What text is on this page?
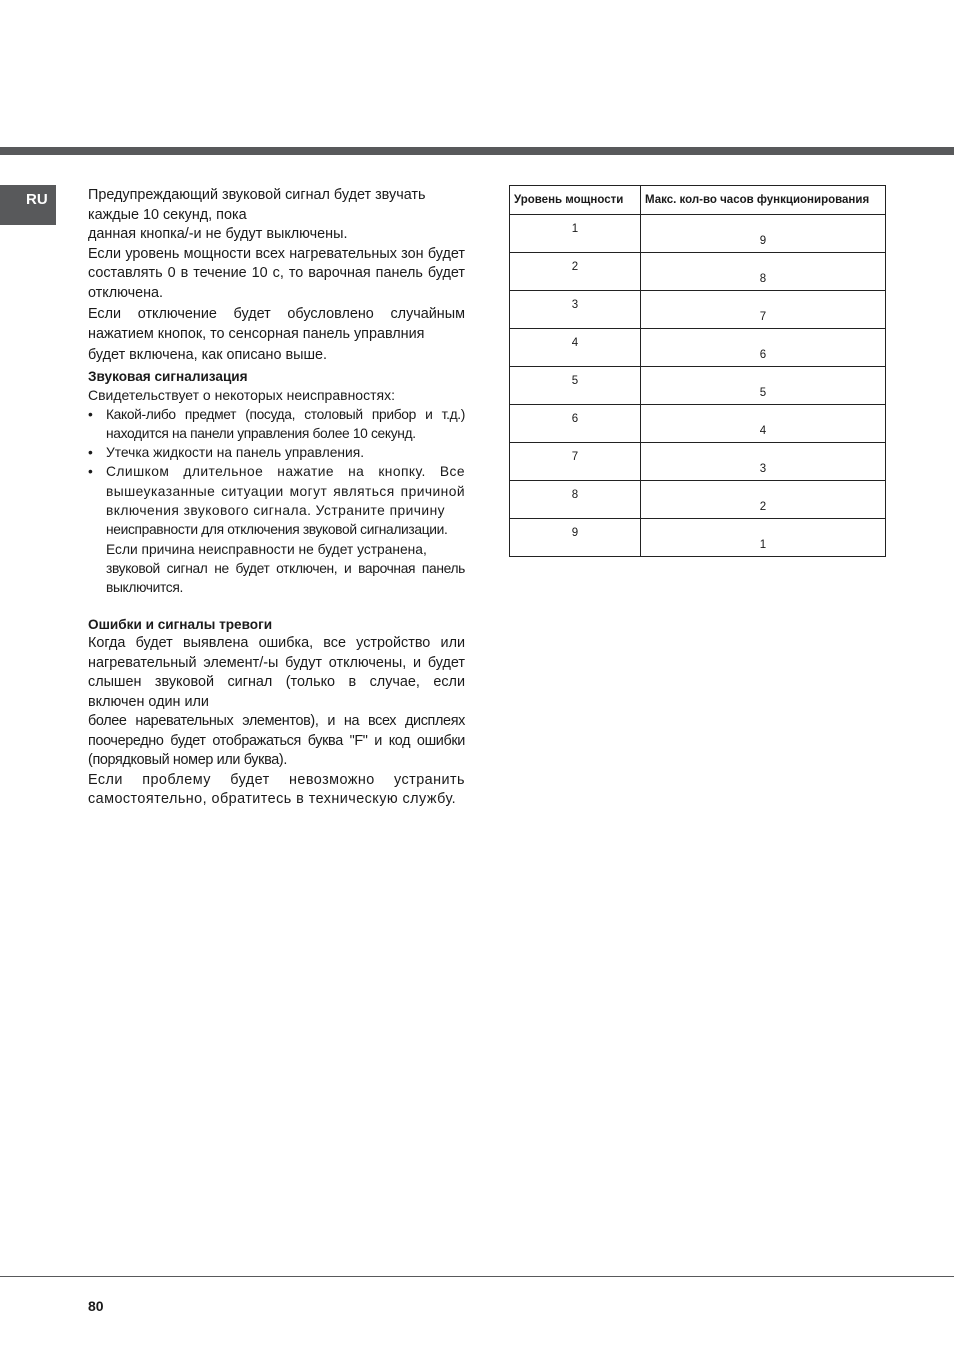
RU	Предупреждающий звуковой сигнал будет звучать каждые 10 секунд, пока

данная кнопка/-и не будут выключены.

Если уровень мощности всех нагревательных зон будет составлять 0 в течение 10 с, то варочная панель будет отключена.

Если отключение будет обусловлено случайным нажатием кнопок, то сенсорная панель управлния

будет включена, как описано выше.

Звуковая сигнализация

Свидетельствует о некоторых неисправностях:

• Какой-либо предмет (посуда, столовый прибор и т.д.) находится на панели управления более 10 секунд.
• Утечка жидкости на панель управления.
• Слишком длительное нажатие на кнопку. Все вышеуказанные ситуации могут являться причиной включения звукового сигнала. Устраните причину
неисправности для отключения звуковой сигнализации.
Если причина неисправности не будет устранена,
звуковой сигнал не будет отключен, и варочная панель выключится.

Ошибки и сигналы тревоги

Когда будет выявлена ошибка, все устройство или нагревательный элемент/-ы будут отключены, и будет слышен звуковой сигнал (только в случае, если включен один или

более наревательных элементов), и на всех дисплеях поочередно будет отображаться буква "F" и код ошибки (порядковый номер или буква).

Если проблему будет невозможно устранить самостоятельно, обратитесь в техническую службу.

Уровень мощности	Макс. кол-во часов функционирования
1	9
2	8
3	7
4	6
5	5
6	4
7	3
8	2
9	1
80
